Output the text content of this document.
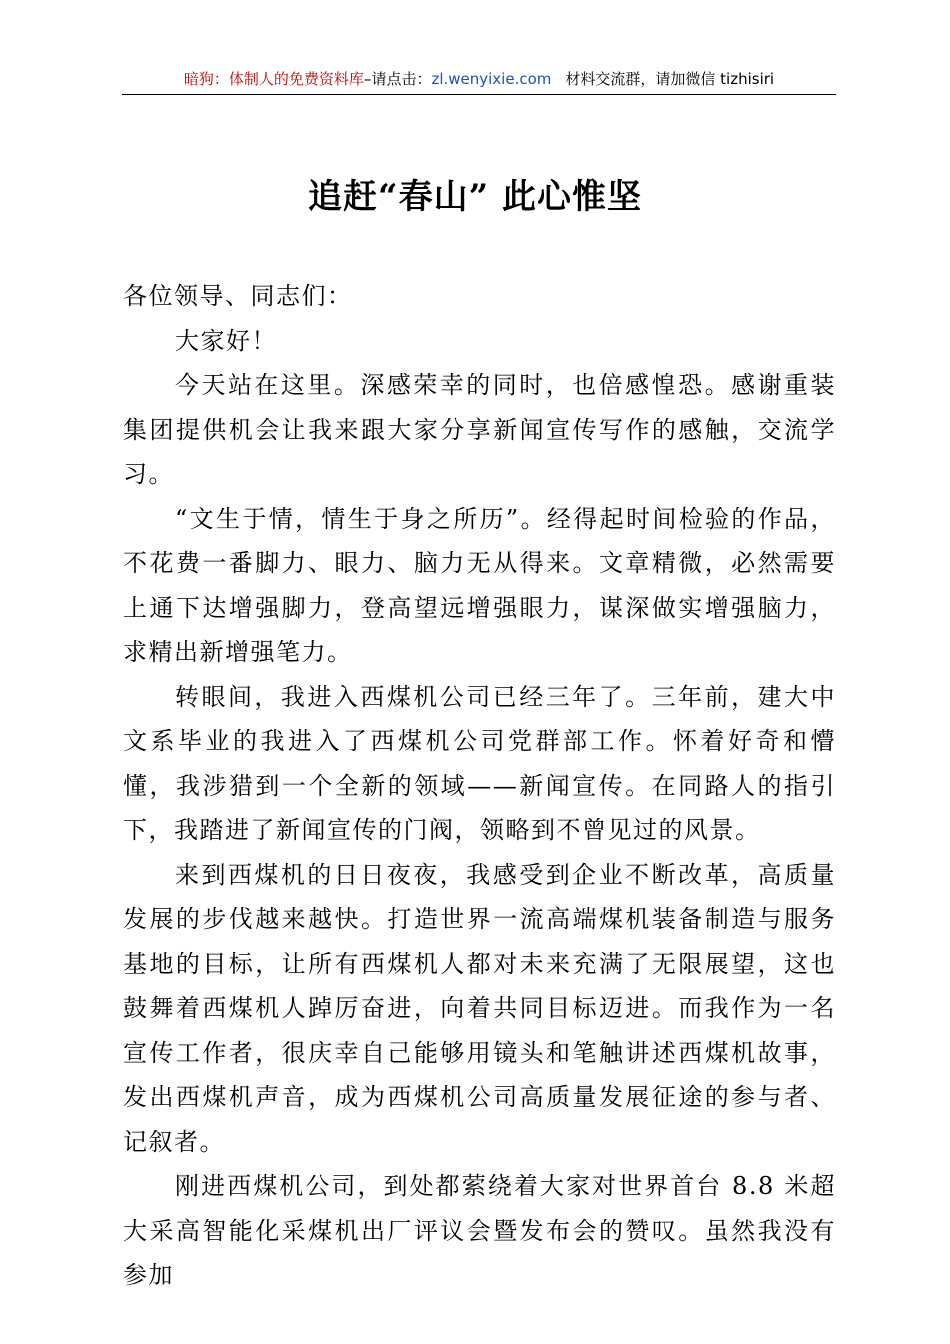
暗狗：体制人的免费资料库–请点击：zl.wenyixie.com 材料交流群，请加微信 tizhisiri
追赶“春山” 此心惟坚

各位领导、同志们：

大家好！

今天站在这里。深感荣幸的同时，也倍感惶恐。感谢重装集团提供机会让我来跟大家分享新闻宣传写作的感触，交流学习。

“文生于情，情生于身之所历”。经得起时间检验的作品，不花费一番脚力、眼力、脑力无从得来。文章精微，必然需要上通下达增强脚力，登高望远增强眼力，谋深做实增强脑力，求精出新增强笔力。

转眼间，我进入西煤机公司已经三年了。三年前，建大中文系毕业的我进入了西煤机公司党群部工作。怀着好奇和懵懂，我涉猎到一个全新的领域——新闻宣传。在同路人的指引下，我踏进了新闻宣传的门阀，领略到不曾见过的风景。

来到西煤机的日日夜夜，我感受到企业不断改革，高质量发展的步伐越来越快。打造世界一流高端煤机装备制造与服务基地的目标，让所有西煤机人都对未来充满了无限展望，这也鼓舞着西煤机人踔厉奋进，向着共同目标迈进。而我作为一名宣传工作者，很庆幸自己能够用镜头和笔触讲述西煤机故事，发出西煤机声音，成为西煤机公司高质量发展征途的参与者、记叙者。

刚进西煤机公司，到处都萦绕着大家对世界首台 8.8 米超大采高智能化采煤机出厂评议会暨发布会的赞叹。虽然我没有参加
